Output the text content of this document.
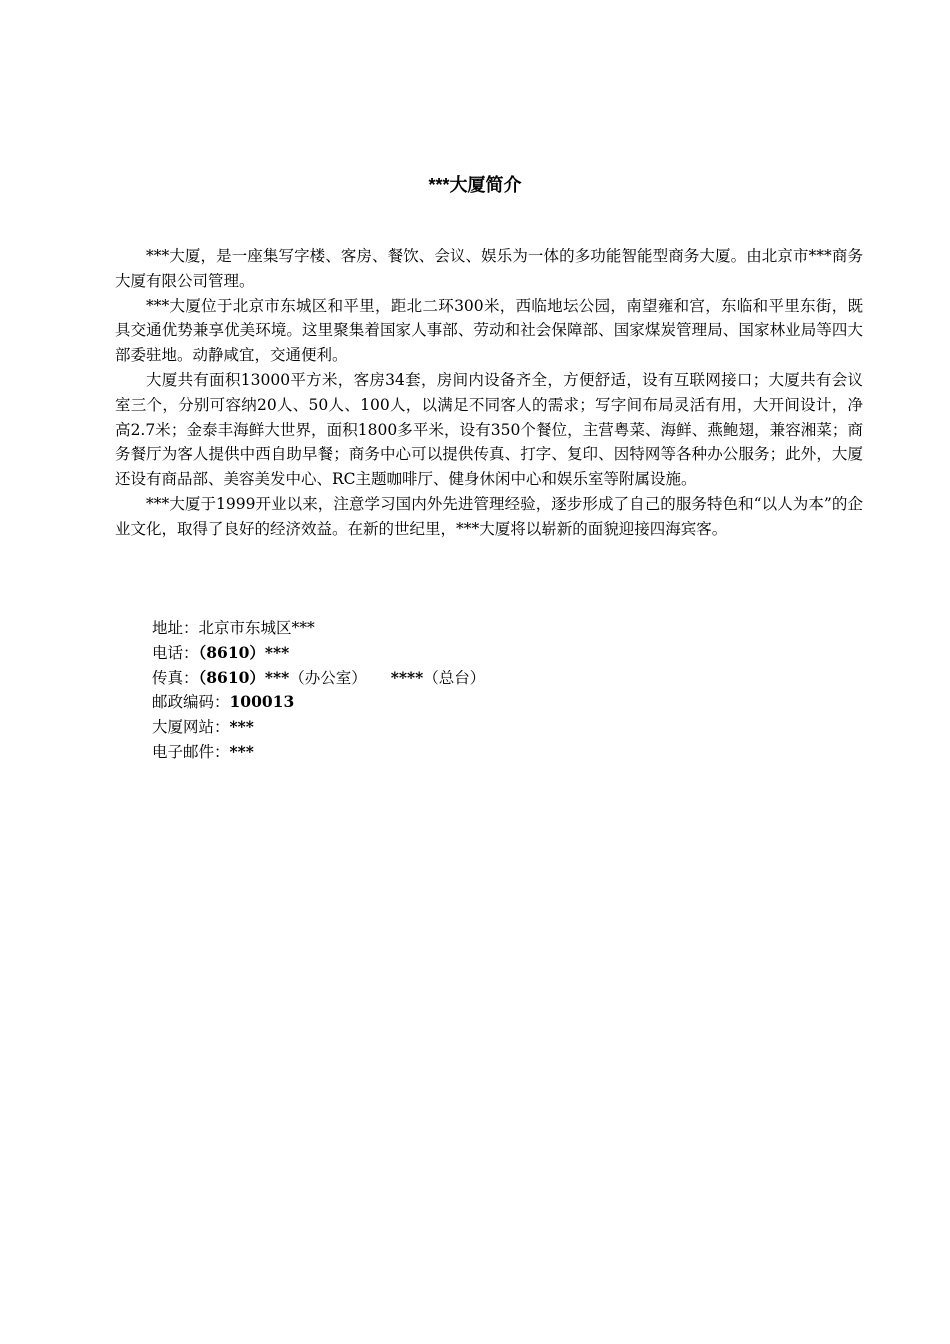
***大厦简介

***大厦，是一座集写字楼、客房、餐饮、会议、娱乐为一体的多功能智能型商务大厦。由北京市***商务大厦有限公司管理。

***大厦位于北京市东城区和平里，距北二环300米，西临地坛公园，南望雍和宫，东临和平里东街，既具交通优势兼享优美环境。这里聚集着国家人事部、劳动和社会保障部、国家煤炭管理局、国家林业局等四大部委驻地。动静咸宜，交通便利。

大厦共有面积13000平方米，客房34套，房间内设备齐全，方便舒适，设有互联网接口；大厦共有会议室三个，分别可容纳20人、50人、100人，以满足不同客人的需求；写字间布局灵活有用，大开间设计，净高2.7米；金泰丰海鲜大世界，面积1800多平米，设有350个餐位，主营粤菜、海鲜、燕鲍翅，兼容湘菜；商务餐厅为客人提供中西自助早餐；商务中心可以提供传真、打字、复印、因特网等各种办公服务；此外，大厦还设有商品部、美容美发中心、RC主题咖啡厅、健身休闲中心和娱乐室等附属设施。

***大厦于1999开业以来，注意学习国内外先进管理经验，逐步形成了自己的服务特色和“以人为本”的企业文化，取得了良好的经济效益。在新的世纪里，***大厦将以崭新的面貌迎接四海宾客。

地址：北京市东城区***
电话：（8610）***
传真：（8610）***（办公室） ****（总台）
邮政编码：100013
大厦网站：***
电子邮件：***
